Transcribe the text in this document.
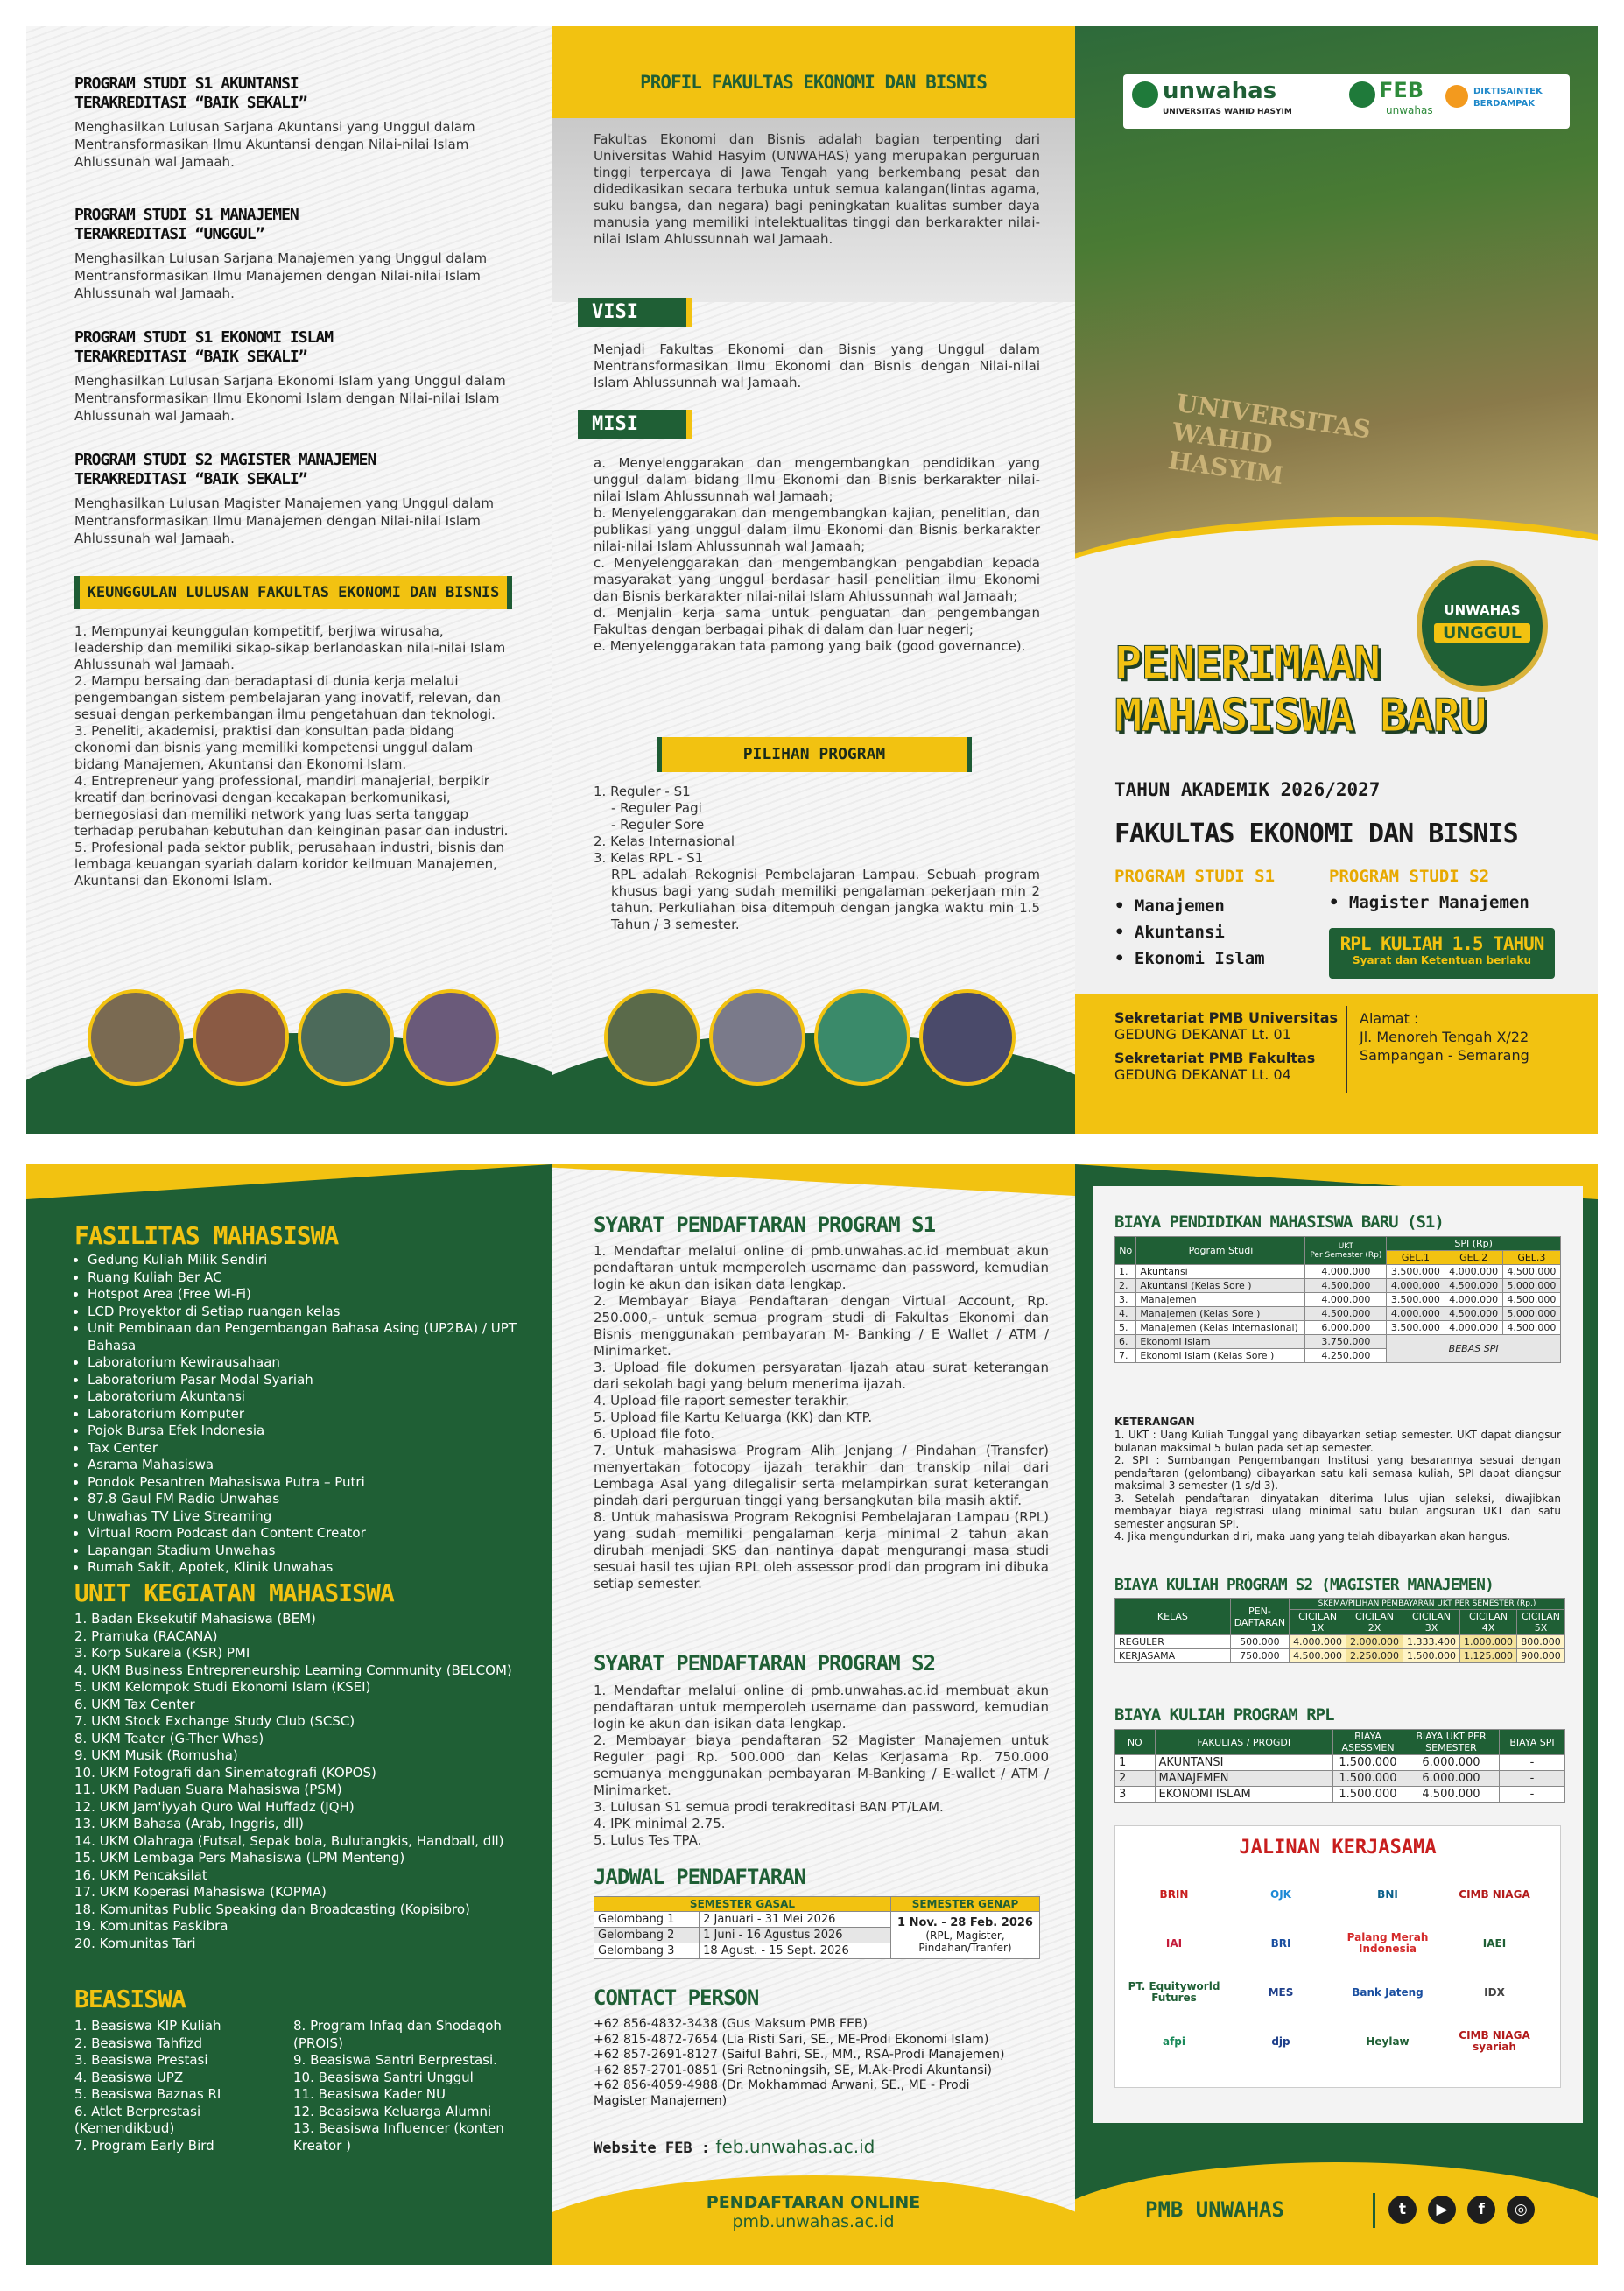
PROGRAM STUDI S1 AKUNTANSI
TERAKREDITASI “BAIK SEKALI”

Menghasilkan Lulusan Sarjana Akuntansi yang Unggul dalam Mentransformasikan Ilmu Akuntansi dengan Nilai-nilai Islam Ahlussunah wal Jamaah.

PROGRAM STUDI S1 MANAJEMEN
TERAKREDITASI “UNGGUL”

Menghasilkan Lulusan Sarjana Manajemen yang Unggul dalam Mentransformasikan Ilmu Manajemen dengan Nilai-nilai Islam Ahlussunah wal Jamaah.

PROGRAM STUDI S1 EKONOMI ISLAM
TERAKREDITASI “BAIK SEKALI”

Menghasilkan Lulusan Sarjana Ekonomi Islam yang Unggul dalam Mentransformasikan Ilmu Ekonomi Islam dengan Nilai-nilai Islam Ahlussunah wal Jamaah.

PROGRAM STUDI S2 MAGISTER MANAJEMEN
TERAKREDITASI “BAIK SEKALI”

Menghasilkan Lulusan Magister Manajemen yang Unggul dalam Mentransformasikan Ilmu Manajemen dengan Nilai-nilai Islam Ahlussunah wal Jamaah.

KEUNGGULAN LULUSAN FAKULTAS EKONOMI DAN BISNIS

1. Mempunyai keunggulan kompetitif, berjiwa wirusaha, leadership dan memiliki sikap-sikap berlandaskan nilai-nilai Islam Ahlussunah wal Jamaah.

2. Mampu bersaing dan beradaptasi di dunia kerja melalui pengembangan sistem pembelajaran yang inovatif, relevan, dan sesuai dengan perkembangan ilmu pengetahuan dan teknologi.

3. Peneliti, akademisi, praktisi dan konsultan pada bidang ekonomi dan bisnis yang memiliki kompetensi unggul dalam bidang Manajemen, Akuntansi dan Ekonomi Islam.

4. Entrepreneur yang professional, mandiri manajerial, berpikir kreatif dan berinovasi dengan kecakapan berkomunikasi, bernegosiasi dan memiliki network yang luas serta tanggap terhadap perubahan kebutuhan dan keinginan pasar dan industri.

5. Profesional pada sektor publik, perusahaan industri, bisnis dan lembaga keuangan syariah dalam koridor keilmuan Manajemen, Akuntansi dan Ekonomi Islam.

PROFIL FAKULTAS EKONOMI DAN BISNIS

Fakultas Ekonomi dan Bisnis adalah bagian terpenting dari Universitas Wahid Hasyim (UNWAHAS) yang merupakan perguruan tinggi terpercaya di Jawa Tengah yang berkembang pesat dan didedikasikan secara terbuka untuk semua kalangan(lintas agama, suku bangsa, dan negara) bagi peningkatan kualitas sumber daya manusia yang memiliki intelektualitas tinggi dan berkarakter nilai-nilai Islam Ahlussunnah wal Jamaah.

VISI

Menjadi Fakultas Ekonomi dan Bisnis yang Unggul dalam Mentransformasikan Ilmu Ekonomi dan Bisnis dengan Nilai-nilai Islam Ahlussunnah wal Jamaah.

MISI

a. Menyelenggarakan dan mengembangkan pendidikan yang unggul dalam bidang Ilmu Ekonomi dan Bisnis berkarakter nilai-nilai Islam Ahlussunnah wal Jamaah;

b. Menyelenggarakan dan mengembangkan kajian, penelitian, dan publikasi yang unggul dalam ilmu Ekonomi dan Bisnis berkarakter nilai-nilai Islam Ahlussunnah wal Jamaah;

c. Menyelenggarakan dan mengembangkan pengabdian kepada masyarakat yang unggul berdasar hasil penelitian ilmu Ekonomi dan Bisnis berkarakter nilai-nilai Islam Ahlussunnah wal Jamaah;

d. Menjalin kerja sama untuk penguatan dan pengembangan Fakultas dengan berbagai pihak di dalam dan luar negeri;

e. Menyelenggarakan tata pamong yang baik (good governance).

PILIHAN PROGRAM

1. Reguler - S1

- Reguler Pagi

- Reguler Sore

2. Kelas Internasional

3. Kelas RPL - S1

RPL adalah Rekognisi Pembelajaran Lampau. Sebuah program khusus bagi yang sudah memiliki pengalaman pekerjaan min 2 tahun. Perkuliahan bisa ditempuh dengan jangka waktu min 1.5 Tahun / 3 semester.

UNIVERSITAS WAHID HASYIM
unwahas
UNIVERSITAS WAHID HASYIM
FEB
unwahas
DIKTISAINTEK
BERDAMPAK
UNWAHAS
UNGGUL
PENERIMAAN
MAHASISWA BARU
TAHUN AKADEMIK 2026/2027
FAKULTAS EKONOMI DAN BISNIS
PROGRAM STUDI S1
• Manajemen
• Akuntansi
• Ekonomi Islam
PROGRAM STUDI S2
• Magister Manajemen
RPL KULIAH 1.5 TAHUN
Syarat dan Ketentuan berlaku
Sekretariat PMB Universitas
GEDUNG DEKANAT Lt. 01
Sekretariat PMB Fakultas
GEDUNG DEKANAT Lt. 04
Alamat :
Jl. Menoreh Tengah X/22
Sampangan - Semarang
FASILITAS MAHASISWA
• Gedung Kuliah Milik Sendiri
• Ruang Kuliah Ber AC
• Hotspot Area (Free Wi-Fi)
• LCD Proyektor di Setiap ruangan kelas
• Unit Pembinaan dan Pengembangan Bahasa Asing (UP2BA) / UPT Bahasa
• Laboratorium Kewirausahaan
• Laboratorium Pasar Modal Syariah
• Laboratorium Akuntansi
• Laboratorium Komputer
• Pojok Bursa Efek Indonesia
• Tax Center
• Asrama Mahasiswa
• Pondok Pesantren Mahasiswa Putra – Putri
• 87.8 Gaul FM Radio Unwahas
• Unwahas TV Live Streaming
• Virtual Room Podcast dan Content Creator
• Lapangan Stadium Unwahas
• Rumah Sakit, Apotek, Klinik Unwahas
UNIT KEGIATAN MAHASISWA
1. Badan Eksekutif Mahasiswa (BEM)
2. Pramuka (RACANA)
3. Korp Sukarela (KSR) PMI
4. UKM Business Entrepreneurship Learning Community (BELCOM)
5. UKM Kelompok Studi Ekonomi Islam (KSEI)
6. UKM Tax Center
7. UKM Stock Exchange Study Club (SCSC)
8. UKM Teater (G-Ther Whas)
9. UKM Musik (Romusha)
10. UKM Fotografi dan Sinematografi (KOPOS)
11. UKM Paduan Suara Mahasiswa (PSM)
12. UKM Jam'iyyah Quro Wal Huffadz (JQH)
13. UKM Bahasa (Arab, Inggris, dll)
14. UKM Olahraga (Futsal, Sepak bola, Bulutangkis, Handball, dll)
15. UKM Lembaga Pers Mahasiswa (LPM Menteng)
16. UKM Pencaksilat
17. UKM Koperasi Mahasiswa (KOPMA)
18. Komunitas Public Speaking dan Broadcasting (Kopisibro)
19. Komunitas Paskibra
20. Komunitas Tari
BEASISWA
1. Beasiswa KIP Kuliah
2. Beasiswa Tahfizd
3. Beasiswa Prestasi
4. Beasiswa UPZ
5. Beasiswa Baznas RI
6. Atlet Berprestasi
(Kemendikbud)
7. Program Early Bird
8. Program Infaq dan Shodaqoh
(PROIS)
9. Beasiswa Santri Berprestasi.
10. Beasiswa Santri Unggul
11. Beasiswa Kader NU
12. Beasiswa Keluarga Alumni
13. Beasiswa Influencer (konten
Kreator )
SYARAT PENDAFTARAN PROGRAM S1
1. Mendaftar melalui online di pmb.unwahas.ac.id membuat akun pendaftaran untuk memperoleh username dan password, kemudian login ke akun dan isikan data lengkap.
2. Membayar Biaya Pendaftaran dengan Virtual Account, Rp. 250.000,- untuk semua program studi di Fakultas Ekonomi dan Bisnis menggunakan pembayaran M- Banking / E Wallet / ATM / Minimarket.
3. Upload file dokumen persyaratan Ijazah atau surat keterangan dari sekolah bagi yang belum menerima ijazah.
4. Upload file raport semester terakhir.
5. Upload file Kartu Keluarga (KK) dan KTP.
6. Upload file foto.
7. Untuk mahasiswa Program Alih Jenjang / Pindahan (Transfer) menyertakan fotocopy ijazah terakhir dan transkip nilai dari Lembaga Asal yang dilegalisir serta melampirkan surat keterangan pindah dari perguruan tinggi yang bersangkutan bila masih aktif.
8. Untuk mahasiswa Program Rekognisi Pembelajaran Lampau (RPL) yang sudah memiliki pengalaman kerja minimal 2 tahun akan dirubah menjadi SKS dan nantinya dapat mengurangi masa studi sesuai hasil tes ujian RPL oleh assessor prodi dan program ini dibuka setiap semester.
SYARAT PENDAFTARAN PROGRAM S2
1. Mendaftar melalui online di pmb.unwahas.ac.id membuat akun pendaftaran untuk memperoleh username dan password, kemudian login ke akun dan isikan data lengkap.
2. Membayar biaya pendaftaran S2 Magister Manajemen untuk Reguler pagi Rp. 500.000 dan Kelas Kerjasama Rp. 750.000 semuanya menggunakan pembayaran M-Banking / E-wallet / ATM / Minimarket.
3. Lulusan S1 semua prodi terakreditasi BAN PT/LAM.
4. IPK minimal 2.75.
5. Lulus Tes TPA.
JADWAL PENDAFTARAN
SEMESTER GASAL		SEMESTER GENAP
Gelombang 1	2 Januari - 31 Mei 2026	1 Nov. - 28 Feb. 2026
(RPL, Magister, Pindahan/Tranfer)

Gelombang 2	1 Juni - 16 Agustus 2026	
Gelombang 3	18 Agust. - 15 Sept. 2026	
CONTACT PERSON
+62 856-4832-3438 (Gus Maksum PMB FEB)
+62 815-4872-7654 (Lia Risti Sari, SE., ME-Prodi Ekonomi Islam)
+62 857-2691-8127 (Saiful Bahri, SE., MM., RSA-Prodi Manajemen)
+62 857-2701-0851 (Sri Retnoningsih, SE, M.Ak-Prodi Akuntansi)
+62 856-4059-4988 (Dr. Mokhammad Arwani, SE., ME - Prodi
Magister Manajemen)
Website FEB : feb.unwahas.ac.id
PENDAFTARAN ONLINE
pmb.unwahas.ac.id
BIAYA PENDIDIKAN MAHASISWA BARU (S1)
No	Pogram Studi	UKT
Per Semester (Rp)	SPI (Rp)		
			GEL.1	GEL.2	GEL.3
1.	Akuntansi	4.000.000	3.500.000	4.000.000	4.500.000
2.	Akuntansi (Kelas Sore )	4.500.000	4.000.000	4.500.000	5.000.000
3.	Manajemen	4.000.000	3.500.000	4.000.000	4.500.000
4.	Manajemen (Kelas Sore )	4.500.000	4.000.000	4.500.000	5.000.000
5.	Manajemen (Kelas Internasional)	6.000.000	3.500.000	4.000.000	4.500.000
6.	Ekonomi Islam	3.750.000	BEBAS SPI		
7.	Ekonomi Islam (Kelas Sore )	4.250.000			
KETERANGAN
1. UKT : Uang Kuliah Tunggal yang dibayarkan setiap semester. UKT dapat diangsur bulanan maksimal 5 bulan pada setiap semester.
2. SPI : Sumbangan Pengembangan Institusi yang besarannya sesuai dengan pendaftaran (gelombang) dibayarkan satu kali semasa kuliah, SPI dapat diangsur maksimal 3 semester (1 s/d 3).
3. Setelah pendaftaran dinyatakan diterima lulus ujian seleksi, diwajibkan membayar biaya registrasi ulang minimal satu bulan angsuran UKT dan satu semester angsuran SPI.
4. Jika mengundurkan diri, maka uang yang telah dibayarkan akan hangus.
BIAYA KULIAH PROGRAM S2 (MAGISTER MANAJEMEN)
KELAS	PEN-DAFTARAN	SKEMA/PILIHAN PEMBAYARAN UKT PER SEMESTER (Rp.)				
		CICILAN 1X	CICILAN 2X	CICILAN 3X	CICILAN 4X	CICILAN 5X
REGULER	500.000	4.000.000	2.000.000	1.333.400	1.000.000	800.000
KERJASAMA	750.000	4.500.000	2.250.000	1.500.000	1.125.000	900.000
BIAYA KULIAH PROGRAM RPL
NO	FAKULTAS / PROGDI	BIAYA ASESSMEN	BIAYA UKT PER SEMESTER	BIAYA SPI
1	AKUNTANSI	1.500.000	6.000.000	-
2	MANAJEMEN	1.500.000	6.000.000	-
3	EKONOMI ISLAM	1.500.000	4.500.000	-
JALINAN KERJASAMA
BRIN	OJK	BNI	CIMB NIAGA
IAI	BRI	Palang Merah Indonesia	IAEI
PT. Equityworld Futures	MES	Bank Jateng	IDX
afpi	djp	Heylaw	CIMB NIAGA syariah
PMB UNWAHAS	t ▶ f ◎
